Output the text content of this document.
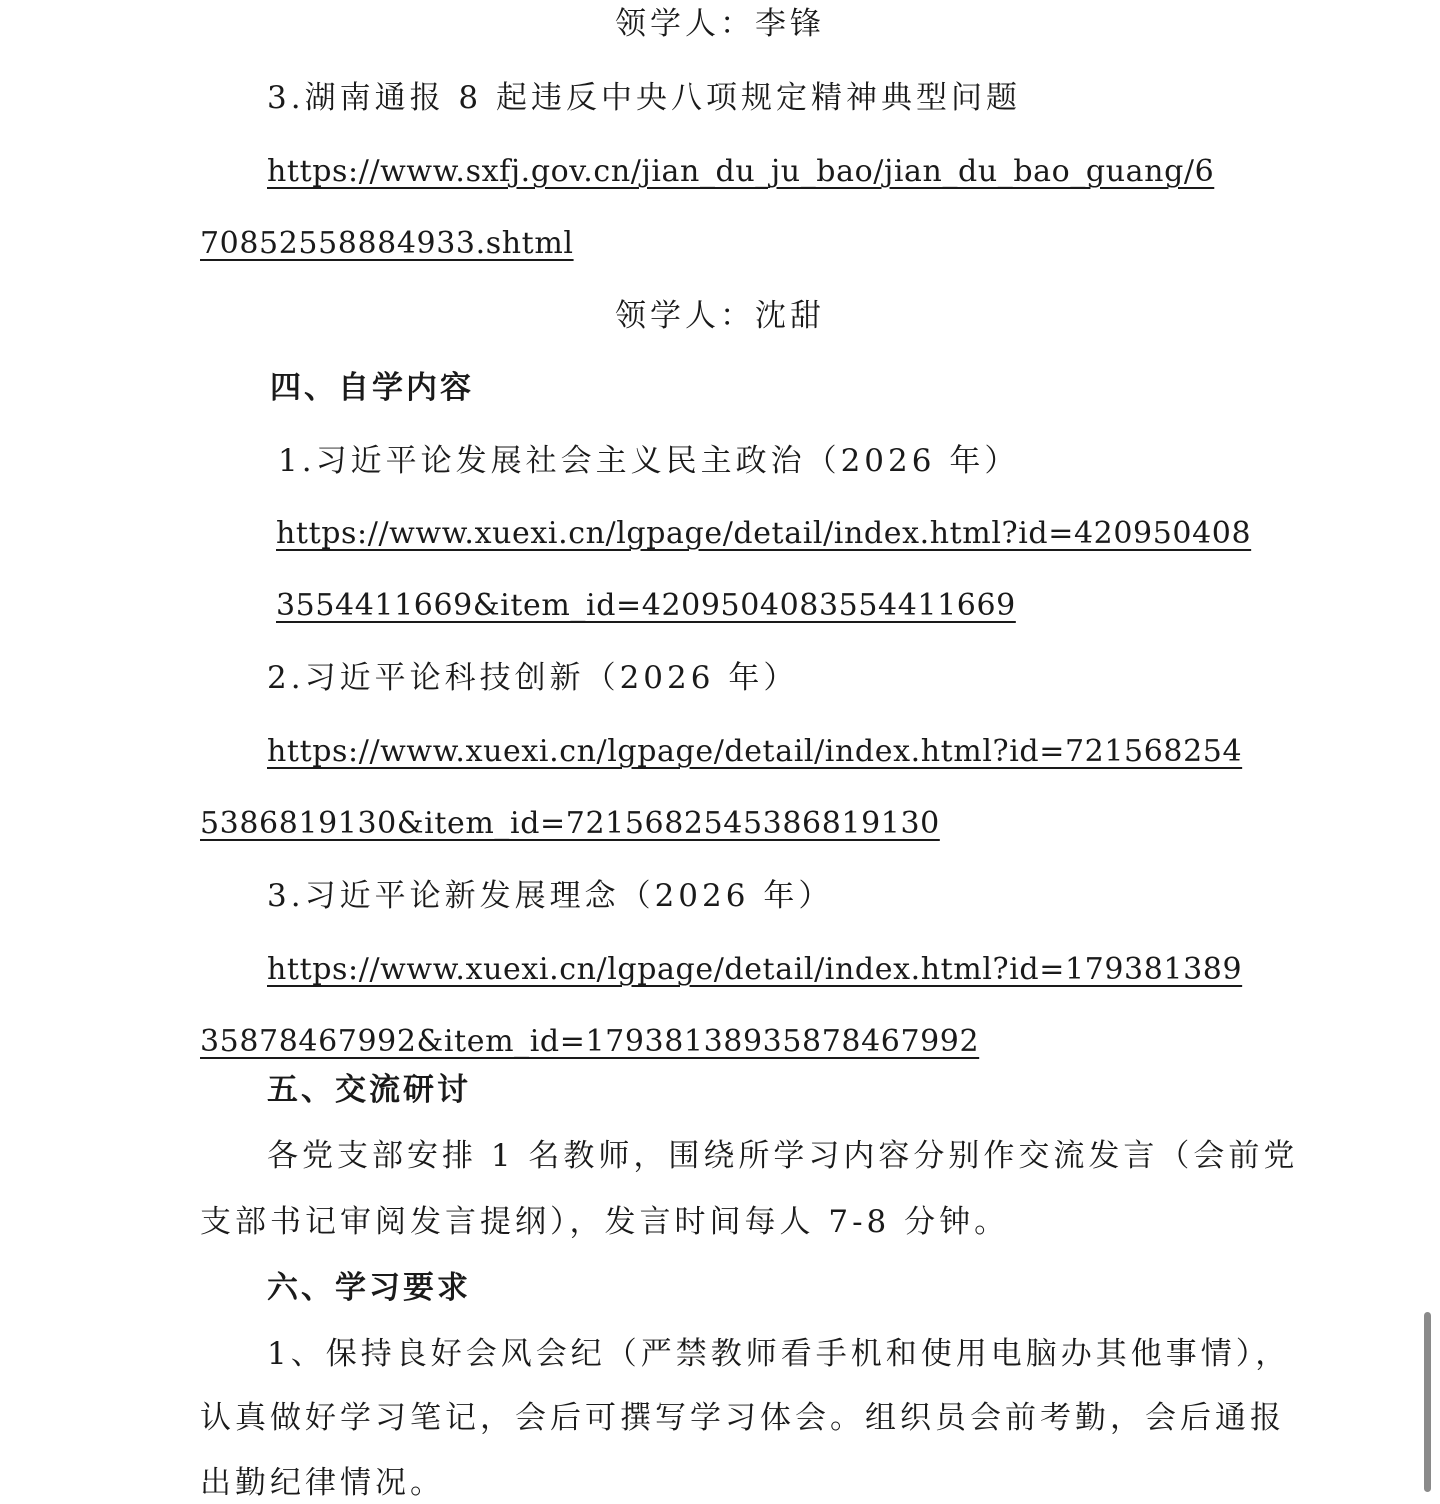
领学人：李锋
3.湖南通报 8 起违反中央八项规定精神典型问题
https://www.sxfj.gov.cn/jian_du_ju_bao/jian_du_bao_guang/6
70852558884933.shtml
领学人：沈甜
四、自学内容
1.习近平论发展社会主义民主政治（2026 年）
https://www.xuexi.cn/lgpage/detail/index.html?id=420950408
3554411669&item_id=4209504083554411669
2.习近平论科技创新（2026 年）
https://www.xuexi.cn/lgpage/detail/index.html?id=721568254
5386819130&item_id=7215682545386819130
3.习近平论新发展理念（2026 年）
https://www.xuexi.cn/lgpage/detail/index.html?id=179381389
35878467992&item_id=17938138935878467992
五、交流研讨
各党支部安排 1 名教师，围绕所学习内容分别作交流发言（会前党
支部书记审阅发言提纲），发言时间每人 7-8 分钟。
六、学习要求
1、保持良好会风会纪（严禁教师看手机和使用电脑办其他事情），
认真做好学习笔记，会后可撰写学习体会。组织员会前考勤，会后通报
出勤纪律情况。
